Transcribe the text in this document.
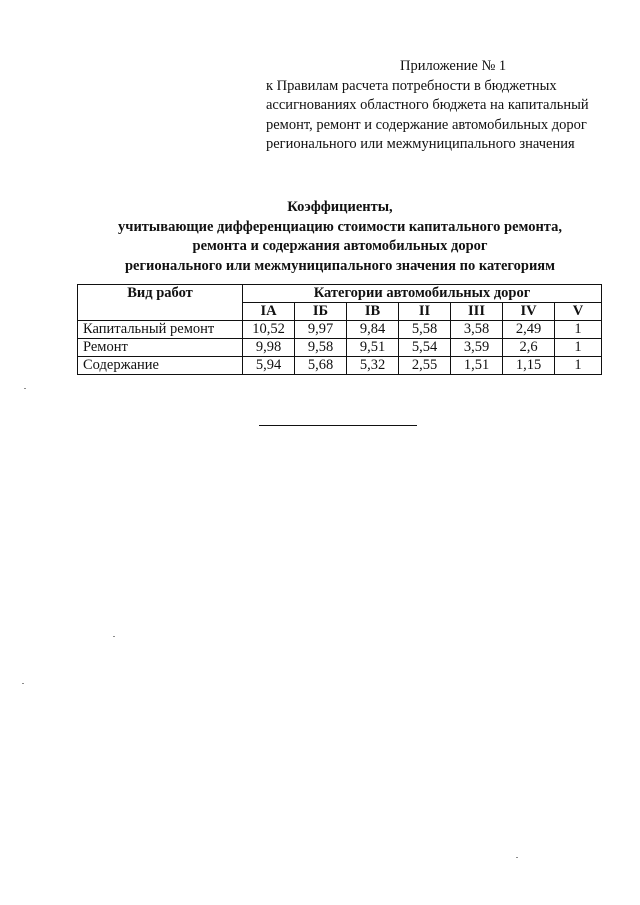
Приложение № 1
к Правилам расчета потребности в бюджетных
ассигнованиях областного бюджета на капитальный
ремонт, ремонт и содержание автомобильных дорог
регионального или межмуниципального значения
Коэффициенты,
учитывающие дифференциацию стоимости капитального ремонта,
ремонта и содержания автомобильных дорог
регионального или межмуниципального значения по категориям
Вид работ	Категории автомобильных дорог						
	IA	IБ	IB	II	III	IV	V
Капитальный ремонт	10,52	9,97	9,84	5,58	3,58	2,49	1
Ремонт	9,98	9,58	9,51	5,54	3,59	2,6	1
Содержание	5,94	5,68	5,32	2,55	1,51	1,15	1
